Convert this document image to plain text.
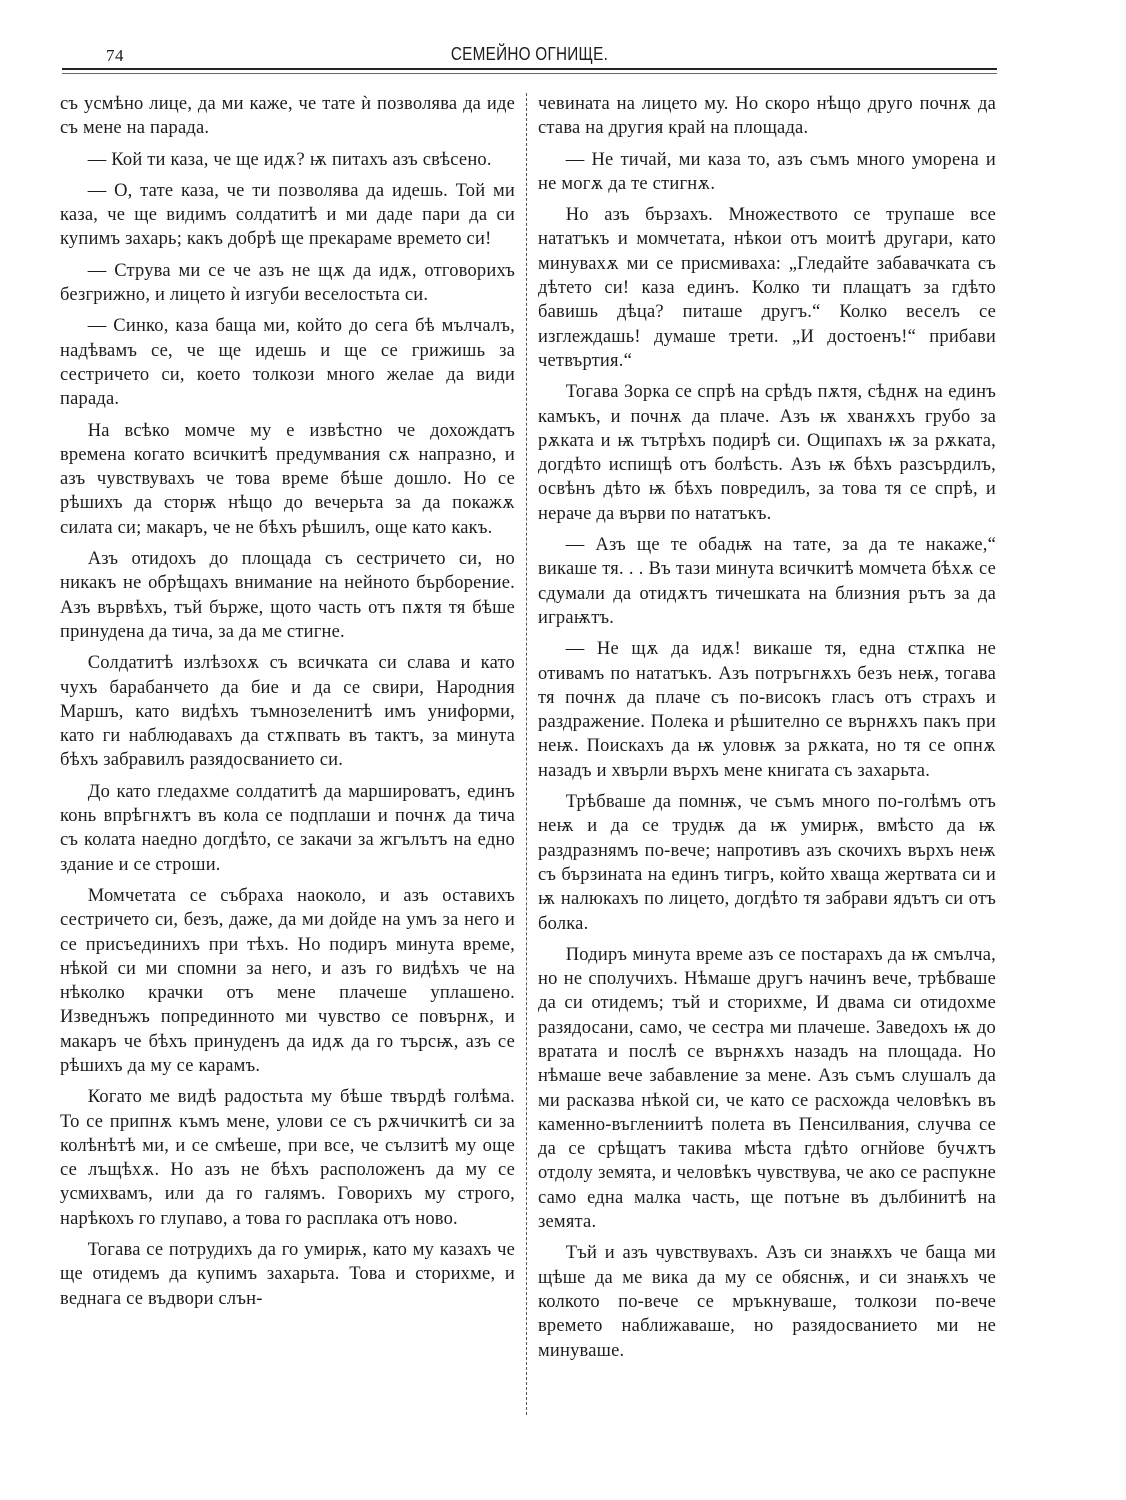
74	СЕМЕЙНО ОГНИЩЕ.

съ усмѣно лице, да ми каже, че тате ѝ позволява да иде съ мене на парада.

— Кой ти каза, че ще идѫ? ѭ питахъ азъ свѣсено.

— О, тате каза, че ти позволява да идешь. Той ми каза, че ще видимъ солдатитѣ и ми даде пари да си купимъ захарь; какъ добрѣ ще прекараме времето си!

— Струва ми се че азъ не щѫ да идѫ, отговорихъ безгрижно, и лицето ѝ изгуби веселостьта си.

— Синко, каза баща ми, който до сега бѣ мълчалъ, надѣвамъ се, че ще идешь и ще се грижишь за сестричето си, което толкози много желае да види парада.

На всѣко момче му е извѣстно че дохождатъ времена когато всичкитѣ предумвания сѫ напразно, и азъ чувствувахъ че това време бѣше дошло. Но се рѣшихъ да сторѭ нѣщо до вечерьта за да покажѫ силата си; макаръ, че не бѣхъ рѣшилъ, още като какъ.

Азъ отидохъ до площада съ сестричето си, но никакъ не обрѣщахъ внимание на нейното бърборение. Азъ вървѣхъ, тъй бърже, щото часть отъ пѫтя тя бѣше принудена да тича, за да ме стигне.

Солдатитѣ излѣзохѫ съ всичката си слава и като чухъ барабанчето да бие и да се свири, Народния Маршъ, като видѣхъ тъмнозеленитѣ имъ униформи, като ги наблюдавахъ да стѫпвать въ тактъ, за минута бѣхъ забравилъ разядосванието си.

До като гледахме солдатитѣ да маршироватъ, единъ конь впрѣгнѫтъ въ кола се подплаши и почнѫ да тича съ колата наедно догдѣто, се закачи за жгълътъ на едно здание и се строши.

Момчетата се събраха наоколо, и азъ оставихъ сестричето си, безъ, даже, да ми дойде на умъ за него и се присъединихъ при тѣхъ. Но подиръ минута време, нѣкой си ми спомни за него, и азъ го видѣхъ че на нѣколко крачки отъ мене плачеше уплашено. Изведнъжъ попрединното ми чувство се повърнѫ, и макаръ че бѣхъ принуденъ да идѫ да го търсѭ, азъ се рѣшихъ да му се карамъ.

Когато ме видѣ радостьта му бѣше твърдѣ голѣма. То се припнѫ къмъ мене, улови се съ рѫчичкитѣ си за колѣнѣтѣ ми, и се смѣеше, при все, че сълзитѣ му още се лъщѣхѫ. Но азъ не бѣхъ расположенъ да му се усмихвамъ, или да го галямъ. Говорихъ му строго, нарѣкохъ го глупаво, а това го расплака отъ ново.

Тогава се потрудихъ да го умирѭ, като му казахъ че ще отидемъ да купимъ захарьта. Това и сторихме, и веднага се въдвори слън-

чевината на лицето му. Но скоро нѣщо друго почнѫ да става на другия край на площада.

— Не тичай, ми каза то, азъ съмъ много уморена и не могѫ да те стигнѫ.

Но азъ бързахъ. Множеството се трупаше все нататъкъ и момчетата, нѣкои отъ моитѣ другари, като минувахѫ ми се присмиваха: „Гледайте забавачката съ дѣтето си! каза единъ. Колко ти плащатъ за гдѣто бавишь дѣца? питаше другъ.“ Колко веселъ се изглеждашь! думаше трети. „И достоенъ!“ прибави четвъртия.“

Тогава Зорка се спрѣ на срѣдъ пѫтя, сѣднѫ на единъ камъкъ, и почнѫ да плаче. Азъ ѭ хванѫхъ грубо за рѫката и ѭ тътрѣхъ подирѣ си. Ощипахъ ѭ за рѫката, догдѣто испищѣ отъ болѣсть. Азъ ѭ бѣхъ разсърдилъ, освѣнъ дѣто ѭ бѣхъ повредилъ, за това тя се спрѣ, и нераче да върви по нататъкъ.

— Азъ ще те обадѭ на тате, за да те накаже,“ викаше тя. . . Въ тази минута всичкитѣ момчета бѣхѫ се сдумали да отидѫтъ тичешката на близния рътъ за да играѭтъ.

— Не щѫ да идѫ! викаше тя, една стѫпка не отивамъ по нататъкъ. Азъ потръгнѫхъ безъ неѭ, тогава тя почнѫ да плаче съ по-високъ гласъ отъ страхъ и раздражение. Полека и рѣшително се върнѫхъ пакъ при неѭ. Поискахъ да ѭ уловѭ за рѫката, но тя се опнѫ назадъ и хвърли върхъ мене книгата съ захарьта.

Трѣбваше да помнѭ, че съмъ много по-голѣмъ отъ неѭ и да се трудѭ да ѭ умирѭ, вмѣсто да ѭ раздразнямъ по-вече; напротивъ азъ скочихъ върхъ неѭ съ бързината на единъ тигръ, който хваща жертвата си и ѭ налюкахъ по лицето, догдѣто тя забрави ядътъ си отъ болка.

Подиръ минута време азъ се постарахъ да ѭ смълча, но не сполучихъ. Нѣмаше другъ начинъ вече, трѣбваше да си отидемъ; тъй и сторихме, И двама си отидохме разядосани, само, че сестра ми плачеше. Заведохъ ѭ до вратата и послѣ се върнѫхъ назадъ на площада. Но нѣмаше вече забавление за мене. Азъ съмъ слушалъ да ми расказва нѣкой си, че като се расхожда человѣкъ въ каменно-въглениитѣ полета въ Пенсилвания, случва се да се срѣщатъ такива мѣста гдѣто огнйове бучѫтъ отдолу земята, и человѣкъ чувствува, че ако се распукне само една малка часть, ще потъне въ дълбинитѣ на земята.

Тъй и азъ чувствувахъ. Азъ си знаѭхъ че баща ми щѣше да ме вика да му се обяснѭ, и си знаѭхъ че колкото по-вече се мръкнуваше, толкози по-вече времето наближаваше, но разядосванието ми не минуваше.
